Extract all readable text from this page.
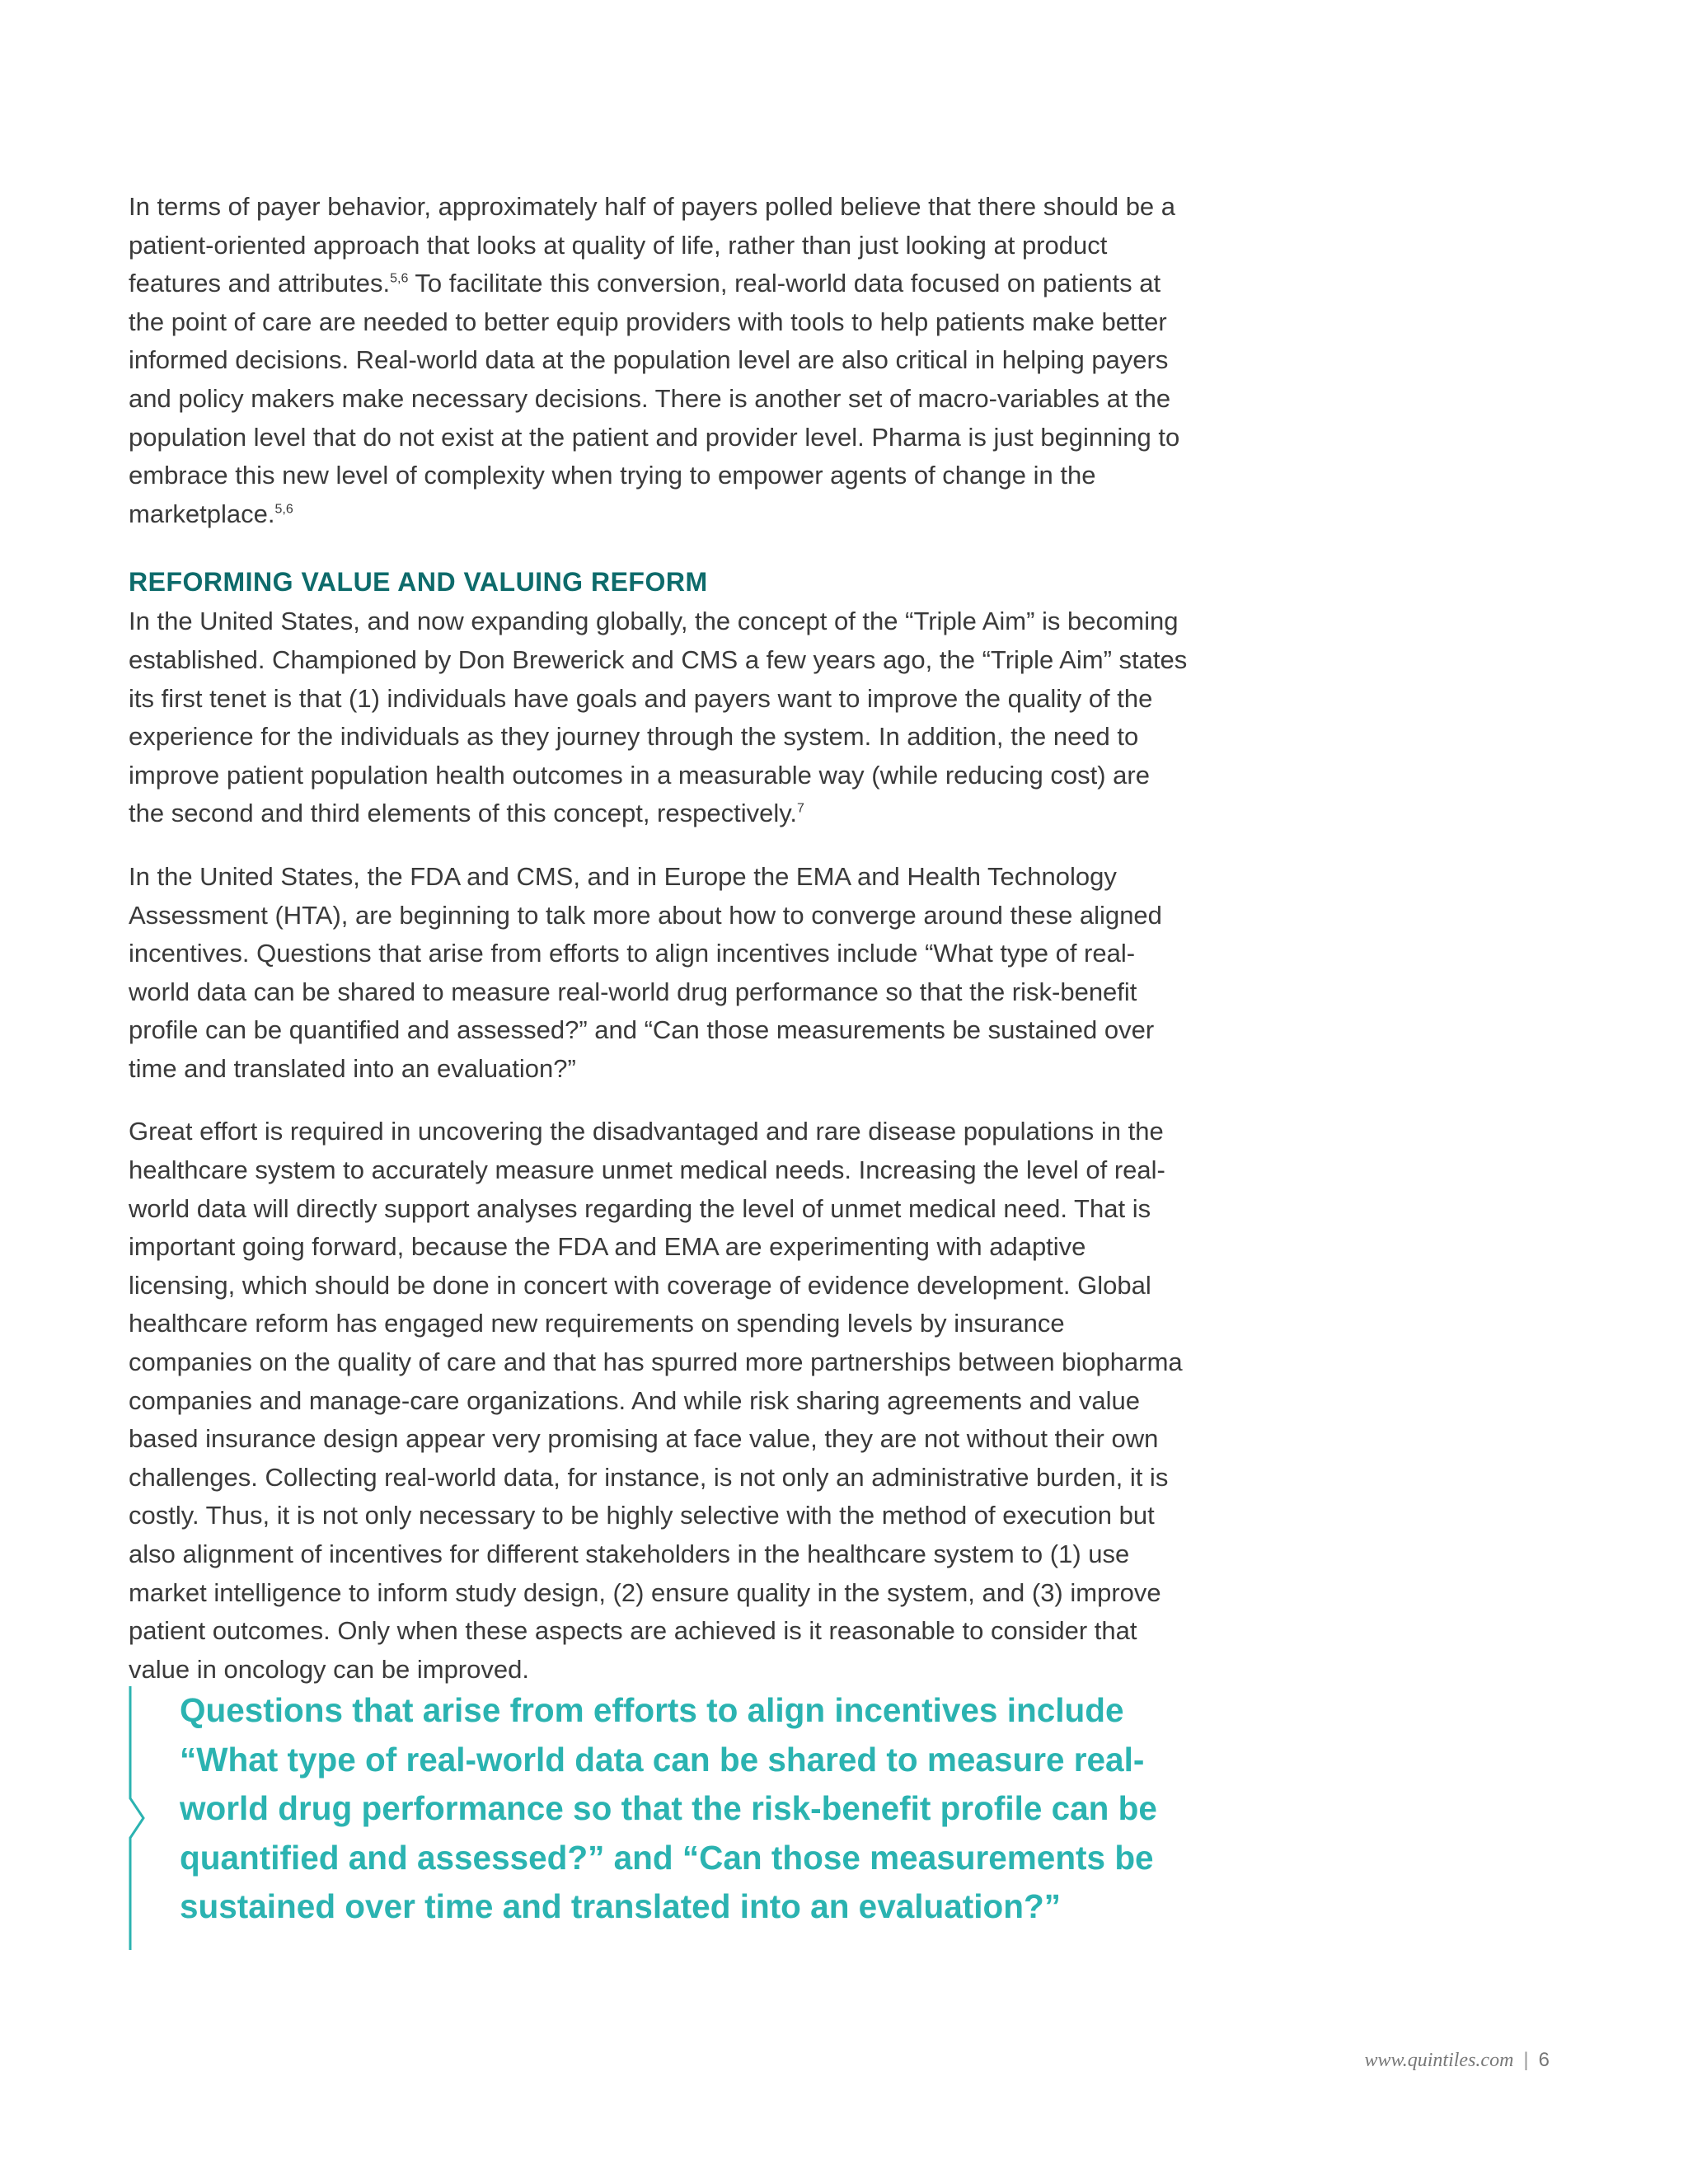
In terms of payer behavior, approximately half of payers polled believe that there should be a patient-oriented approach that looks at quality of life, rather than just looking at product features and attributes.$^{5,6}$ To facilitate this conversion, real-world data focused on patients at the point of care are needed to better equip providers with tools to help patients make better informed decisions. Real-world data at the population level are also critical in helping payers and policy makers make necessary decisions. There is another set of macro-variables at the population level that do not exist at the patient and provider level. Pharma is just beginning to embrace this new level of complexity when trying to empower agents of change in the marketplace.$^{5,6}$

REFORMING VALUE AND VALUING REFORM

In the United States, and now expanding globally, the concept of the “Triple Aim” is becoming established. Championed by Don Brewerick and CMS a few years ago, the “Triple Aim” states its first tenet is that (1) individuals have goals and payers want to improve the quality of the experience for the individuals as they journey through the system. In addition, the need to improve patient population health outcomes in a measurable way (while reducing cost) are the second and third elements of this concept, respectively.$^7$

In the United States, the FDA and CMS, and in Europe the EMA and Health Technology Assessment (HTA), are beginning to talk more about how to converge around these aligned incentives. Questions that arise from efforts to align incentives include “What type of real-world data can be shared to measure real-world drug performance so that the risk-benefit profile can be quantified and assessed?” and “Can those measurements be sustained over time and translated into an evaluation?”

Great effort is required in uncovering the disadvantaged and rare disease populations in the healthcare system to accurately measure unmet medical needs. Increasing the level of real-world data will directly support analyses regarding the level of unmet medical need. That is important going forward, because the FDA and EMA are experimenting with adaptive licensing, which should be done in concert with coverage of evidence development. Global healthcare reform has engaged new requirements on spending levels by insurance companies on the quality of care and that has spurred more partnerships between biopharma companies and manage-care organizations. And while risk sharing agreements and value based insurance design appear very promising at face value, they are not without their own challenges. Collecting real-world data, for instance, is not only an administrative burden, it is costly. Thus, it is not only necessary to be highly selective with the method of execution but also alignment of incentives for different stakeholders in the healthcare system to (1) use market intelligence to inform study design, (2) ensure quality in the system, and (3) improve patient outcomes. Only when these aspects are achieved is it reasonable to consider that value in oncology can be improved.

Questions that arise from efforts to align incentives include “What type of real-world data can be shared to measure real-world drug performance so that the risk-benefit profile can be quantified and assessed?” and “Can those measurements be sustained over time and translated into an evaluation?”
www.quintiles.com | 6
